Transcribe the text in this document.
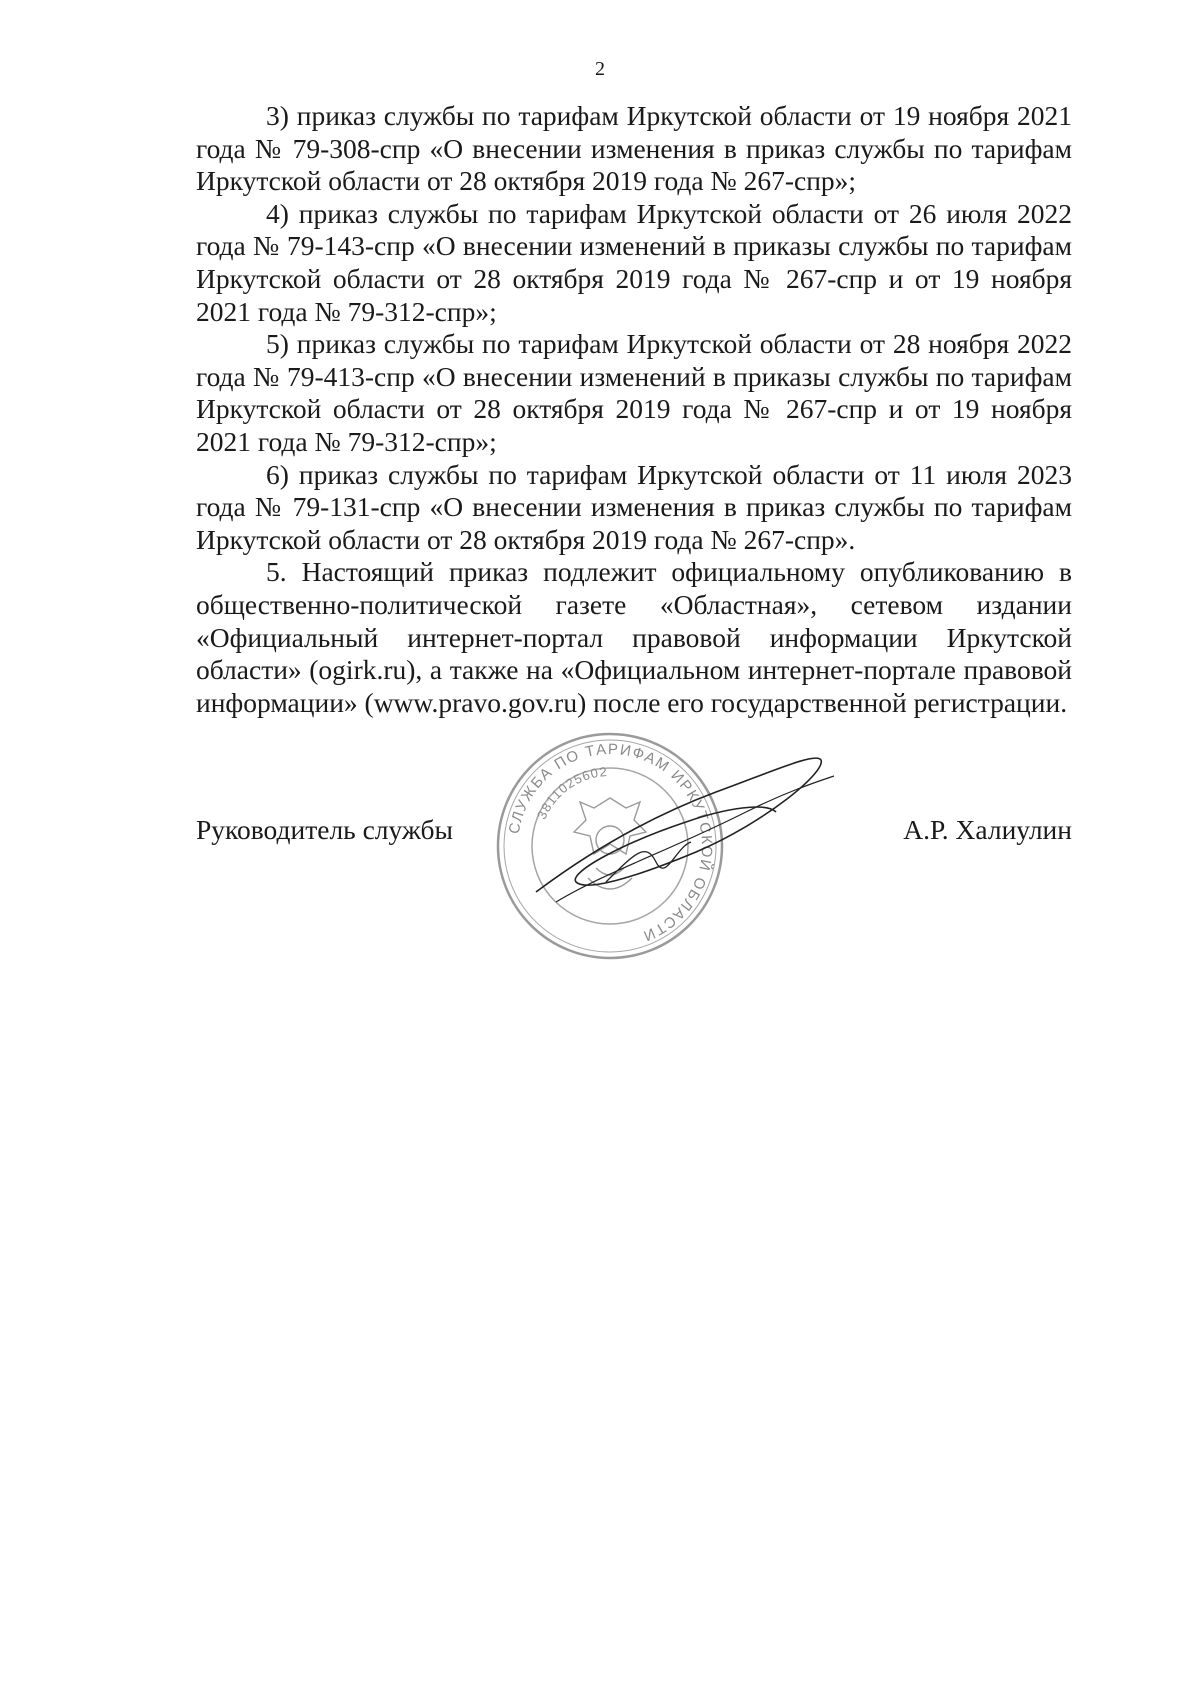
2

3) приказ службы по тарифам Иркутской области от 19 ноября 2021 года № 79-308-спр «О внесении изменения в приказ службы по тарифам Иркутской области от 28 октября 2019 года № 267-спр»;

4) приказ службы по тарифам Иркутской области от 26 июля 2022 года № 79-143-спр «О внесении изменений в приказы службы по тарифам Иркутской области от 28 октября 2019 года № 267-спр и от 19 ноября 2021 года № 79-312-спр»;

5) приказ службы по тарифам Иркутской области от 28 ноября 2022 года № 79-413-спр «О внесении изменений в приказы службы по тарифам Иркутской области от 28 октября 2019 года № 267-спр и от 19 ноября 2021 года № 79-312-спр»;

6) приказ службы по тарифам Иркутской области от 11 июля 2023 года № 79-131-спр «О внесении изменения в приказ службы по тарифам Иркутской области от 28 октября 2019 года № 267-спр».

5. Настоящий приказ подлежит официальному опубликованию в общественно-политической газете «Областная», сетевом издании «Официальный интернет-портал правовой информации Иркутской области» (ogirk.ru), а также на «Официальном интернет-портале правовой информации» (www.pravo.gov.ru) после его государственной регистрации.

Руководитель службы	СЛУЖБА ПО ТАРИФАМ ИРКУТСКОЙ ОБЛАСТИ
3811025602
А.Р. Халиулин
